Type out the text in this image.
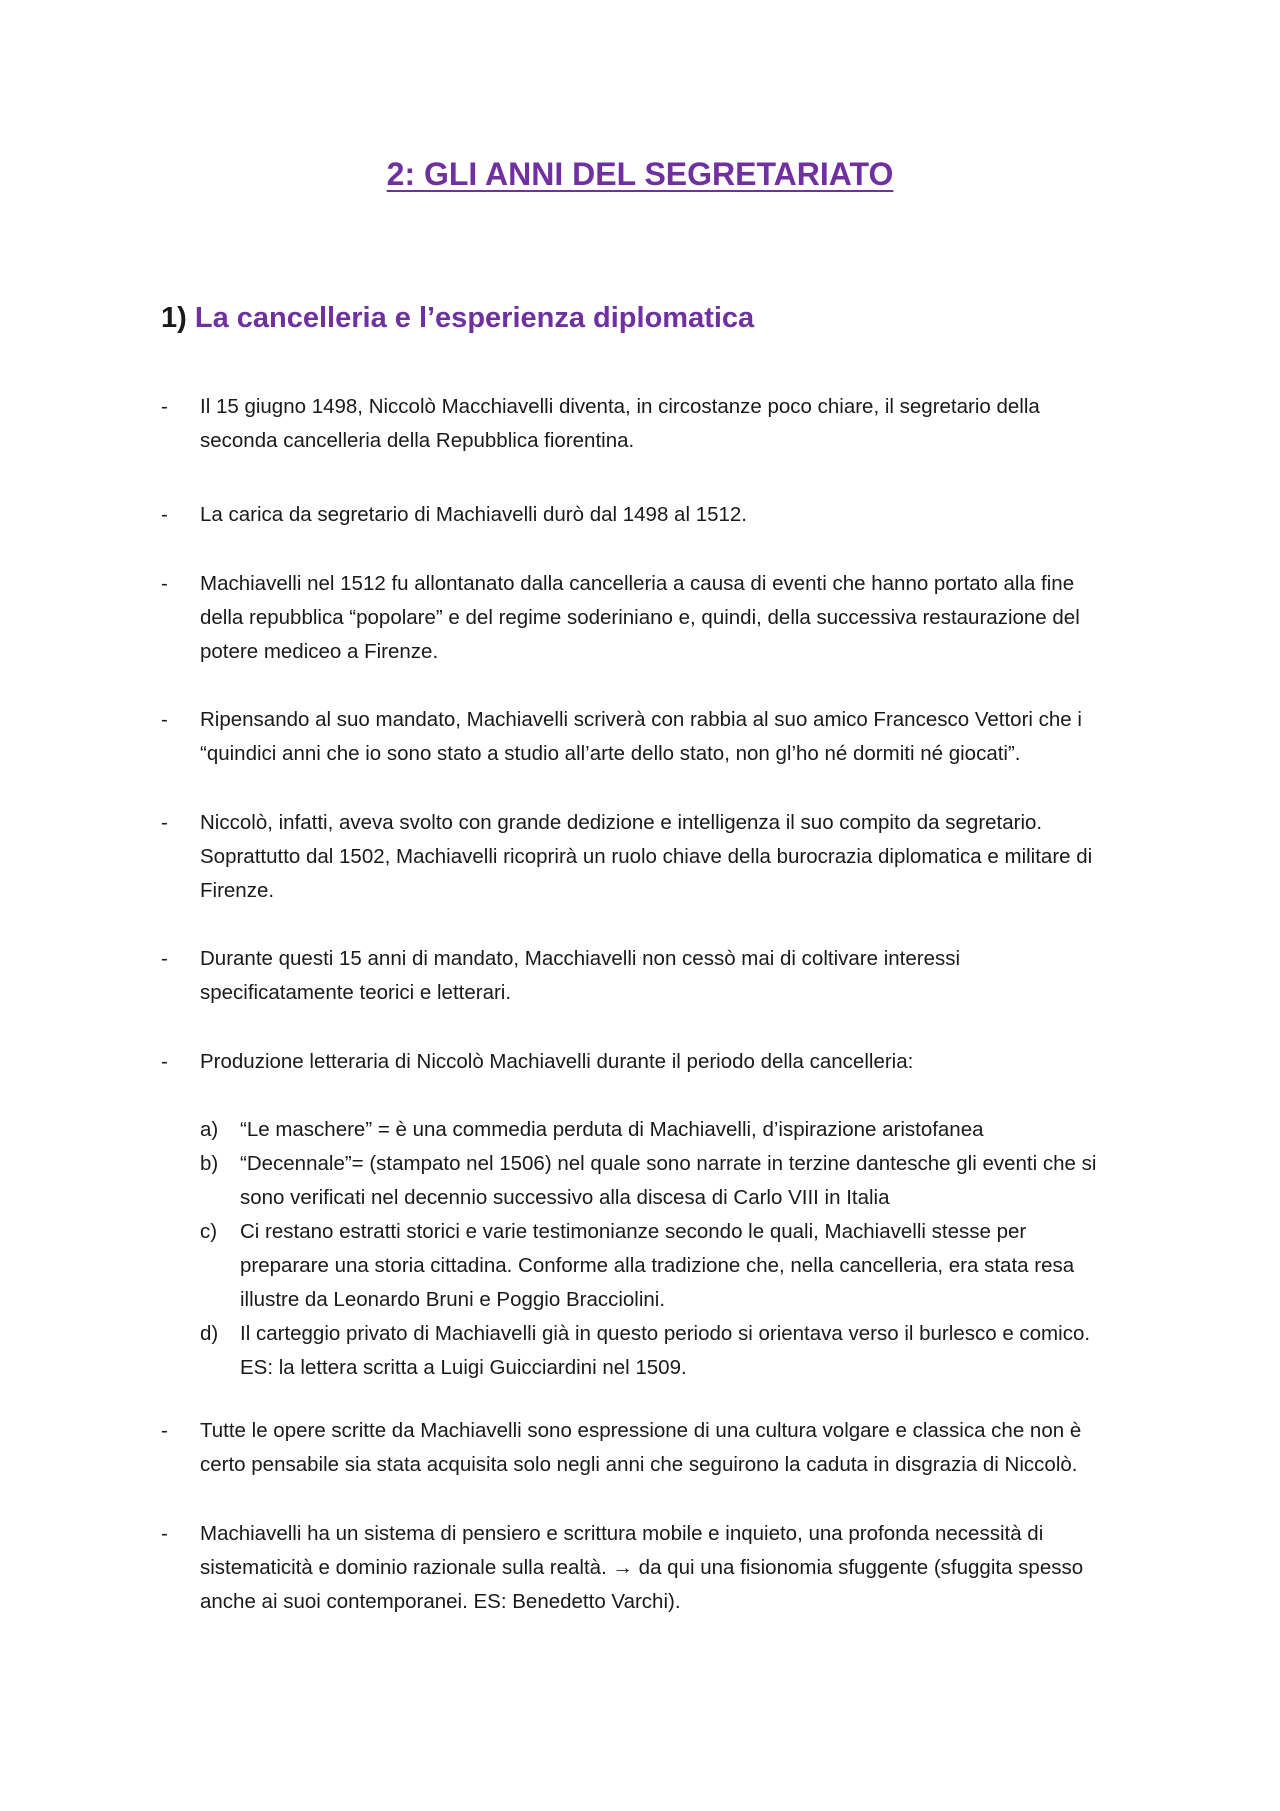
2: GLI ANNI DEL SEGRETARIATO
1) La cancelleria e l’esperienza diplomatica
- Il 15 giugno 1498, Niccolò Macchiavelli diventa, in circostanze poco chiare, il segretario della
seconda cancelleria della Repubblica fiorentina.
- La carica da segretario di Machiavelli durò dal 1498 al 1512.
- Machiavelli nel 1512 fu allontanato dalla cancelleria a causa di eventi che hanno portato alla fine
della repubblica “popolare” e del regime soderiniano e, quindi, della successiva restaurazione del
potere mediceo a Firenze.
- Ripensando al suo mandato, Machiavelli scriverà con rabbia al suo amico Francesco Vettori che i
“quindici anni che io sono stato a studio all’arte dello stato, non gl’ho né dormiti né giocati”.
- Niccolò, infatti, aveva svolto con grande dedizione e intelligenza il suo compito da segretario.
Soprattutto dal 1502, Machiavelli ricoprirà un ruolo chiave della burocrazia diplomatica e militare di
Firenze.
- Durante questi 15 anni di mandato, Macchiavelli non cessò mai di coltivare interessi
specificatamente teorici e letterari.
- Produzione letteraria di Niccolò Machiavelli durante il periodo della cancelleria:
a) “Le maschere” = è una commedia perduta di Machiavelli, d’ispirazione aristofanea
b) “Decennale”= (stampato nel 1506) nel quale sono narrate in terzine dantesche gli eventi che si
sono verificati nel decennio successivo alla discesa di Carlo VIII in Italia
c) Ci restano estratti storici e varie testimonianze secondo le quali, Machiavelli stesse per
preparare una storia cittadina. Conforme alla tradizione che, nella cancelleria, era stata resa
illustre da Leonardo Bruni e Poggio Bracciolini.
d) Il carteggio privato di Machiavelli già in questo periodo si orientava verso il burlesco e comico.
ES: la lettera scritta a Luigi Guicciardini nel 1509.
- Tutte le opere scritte da Machiavelli sono espressione di una cultura volgare e classica che non è
certo pensabile sia stata acquisita solo negli anni che seguirono la caduta in disgrazia di Niccolò.
- Machiavelli ha un sistema di pensiero e scrittura mobile e inquieto, una profonda necessità di
sistematicità e dominio razionale sulla realtà. → da qui una fisionomia sfuggente (sfuggita spesso
anche ai suoi contemporanei. ES: Benedetto Varchi).
